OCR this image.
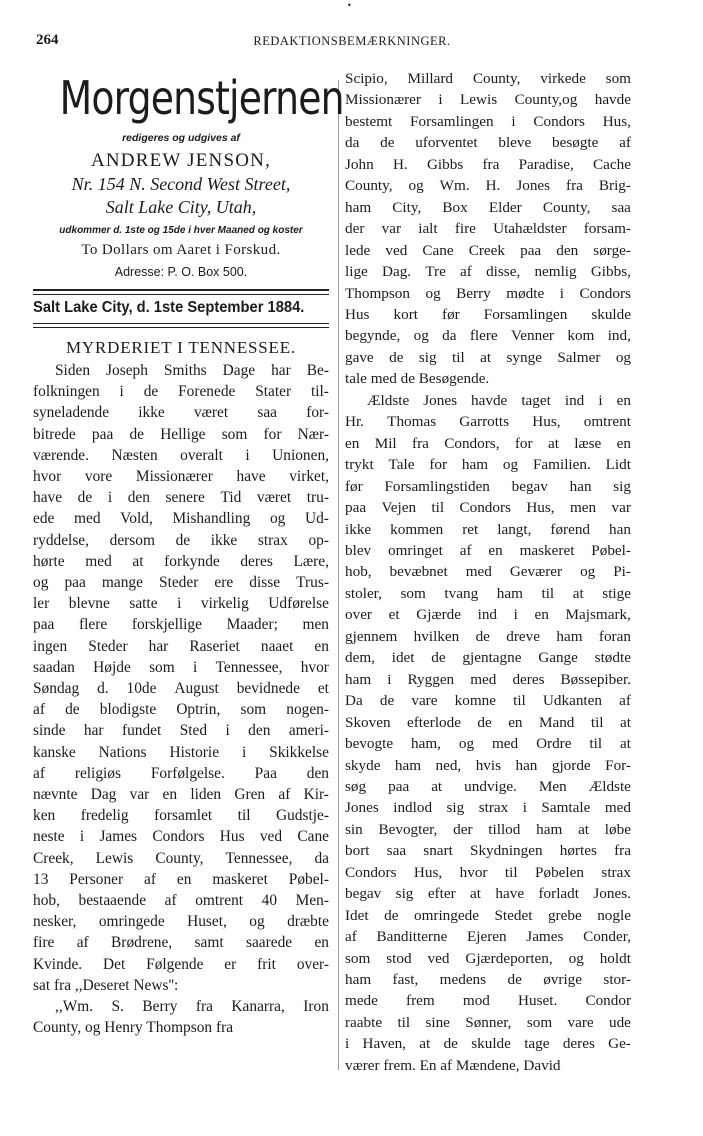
•
264	REDAKTIONSBEMÆRKNINGER.
Morgenstjernen
redigeres og udgives af
ANDREW JENSON,
Nr. 154 N. Second West Street,
Salt Lake City, Utah,
udkommer d. 1ste og 15de i hver Maaned og koster
To Dollars om Aaret i Forskud.
Adresse: P. O. Box 500.
Salt Lake City, d. 1ste September 1884.
MYRDERIET I TENNESSEE.
Siden Joseph Smiths Dage har Be-
folkningen i de Forenede Stater til-
syneladende ikke været saa for-
bitrede paa de Hellige som for Nær-
værende. Næsten overalt i Unionen,
hvor vore Missionærer have virket,
have de i den senere Tid været tru-
ede med Vold, Mishandling og Ud-
ryddelse, dersom de ikke strax op-
hørte med at forkynde deres Lære,
og paa mange Steder ere disse Trus-
ler blevne satte i virkelig Udførelse
paa flere forskjellige Maader; men
ingen Steder har Raseriet naaet en
saadan Højde som i Tennessee, hvor
Søndag d. 10de August bevidnede et
af de blodigste Optrin, som nogen-
sinde har fundet Sted i den ameri-
kanske Nations Historie i Skikkelse
af religiøs Forfølgelse. Paa den
nævnte Dag var en liden Gren af Kir-
ken fredelig forsamlet til Gudstje-
neste i James Condors Hus ved Cane
Creek, Lewis County, Tennessee, da
13 Personer af en maskeret Pøbel-
hob, bestaaende af omtrent 40 Men-
nesker, omringede Huset, og dræbte
fire af Brødrene, samt saarede en
Kvinde. Det Følgende er frit over-
sat fra ,,Deseret News'':
,,Wm. S. Berry fra Kanarra, Iron
County, og Henry Thompson fra
Scipio, Millard County, virkede som
Missionærer i Lewis County,og havde
bestemt Forsamlingen i Condors Hus,
da de uforventet bleve besøgte af
John H. Gibbs fra Paradise, Cache
County, og Wm. H. Jones fra Brig-
ham City, Box Elder County, saa
der var ialt fire Utahældster forsam-
lede ved Cane Creek paa den sørge-
lige Dag. Tre af disse, nemlig Gibbs,
Thompson og Berry mødte i Condors
Hus kort før Forsamlingen skulde
begynde, og da flere Venner kom ind,
gave de sig til at synge Salmer og
tale med de Besøgende.
Ældste Jones havde taget ind i en
Hr. Thomas Garrotts Hus, omtrent
en Mil fra Condors, for at læse en
trykt Tale for ham og Familien. Lidt
før Forsamlingstiden begav han sig
paa Vejen til Condors Hus, men var
ikke kommen ret langt, førend han
blev omringet af en maskeret Pøbel-
hob, bevæbnet med Geværer og Pi-
stoler, som tvang ham til at stige
over et Gjærde ind i en Majsmark,
gjennem hvilken de dreve ham foran
dem, idet de gjentagne Gange stødte
ham i Ryggen med deres Bøssepiber.
Da de vare komne til Udkanten af
Skoven efterlode de en Mand til at
bevogte ham, og med Ordre til at
skyde ham ned, hvis han gjorde For-
søg paa at undvige. Men Ældste
Jones indlod sig strax i Samtale med
sin Bevogter, der tillod ham at løbe
bort saa snart Skydningen hørtes fra
Condors Hus, hvor til Pøbelen strax
begav sig efter at have forladt Jones.
Idet de omringede Stedet grebe nogle
af Banditterne Ejeren James Conder,
som stod ved Gjærdeporten, og holdt
ham fast, medens de øvrige stor-
mede frem mod Huset. Condor
raabte til sine Sønner, som vare ude
i Haven, at de skulde tage deres Ge-
værer frem. En af Mændene, David
